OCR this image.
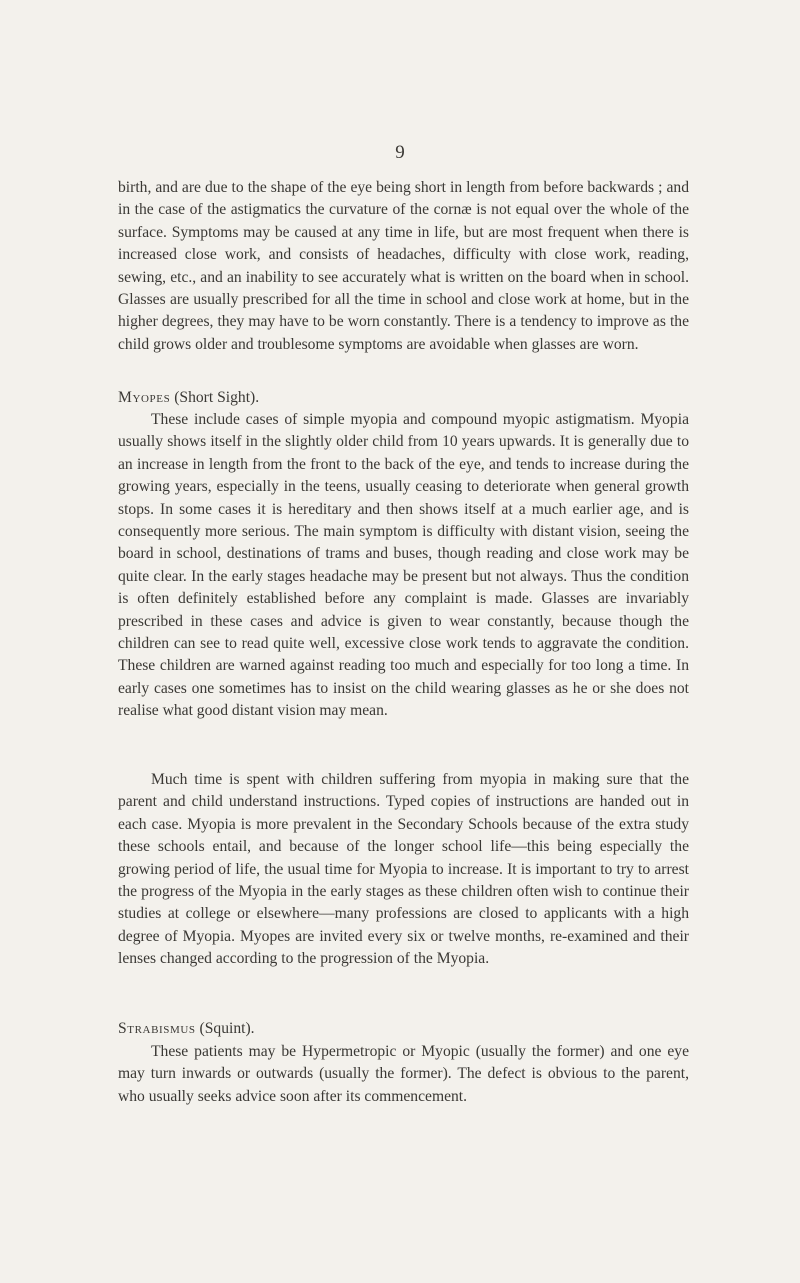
9

birth, and are due to the shape of the eye being short in length from before backwards ; and in the case of the astigmatics the curvature of the cornæ is not equal over the whole of the surface. Symptoms may be caused at any time in life, but are most frequent when there is increased close work, and consists of headaches, difficulty with close work, reading, sewing, etc., and an inability to see accurately what is written on the board when in school. Glasses are usually prescribed for all the time in school and close work at home, but in the higher degrees, they may have to be worn constantly. There is a tendency to improve as the child grows older and troublesome symptoms are avoidable when glasses are worn.

Myopes (Short Sight).

These include cases of simple myopia and compound myopic astigmatism. Myopia usually shows itself in the slightly older child from 10 years upwards. It is generally due to an increase in length from the front to the back of the eye, and tends to increase during the growing years, especially in the teens, usually ceasing to deteriorate when general growth stops. In some cases it is hereditary and then shows itself at a much earlier age, and is consequently more serious. The main symptom is difficulty with distant vision, seeing the board in school, destinations of trams and buses, though reading and close work may be quite clear. In the early stages headache may be present but not always. Thus the condition is often definitely established before any complaint is made. Glasses are invariably prescribed in these cases and advice is given to wear constantly, because though the children can see to read quite well, excessive close work tends to aggravate the condition. These children are warned against reading too much and especially for too long a time. In early cases one sometimes has to insist on the child wearing glasses as he or she does not realise what good distant vision may mean.

Much time is spent with children suffering from myopia in making sure that the parent and child understand instructions. Typed copies of instructions are handed out in each case. Myopia is more prevalent in the Secondary Schools because of the extra study these schools entail, and because of the longer school life—this being especially the growing period of life, the usual time for Myopia to increase. It is important to try to arrest the progress of the Myopia in the early stages as these children often wish to continue their studies at college or elsewhere—many professions are closed to applicants with a high degree of Myopia. Myopes are invited every six or twelve months, re-examined and their lenses changed according to the progression of the Myopia.

Strabismus (Squint).

These patients may be Hypermetropic or Myopic (usually the former) and one eye may turn inwards or outwards (usually the former). The defect is obvious to the parent, who usually seeks advice soon after its commencement.
